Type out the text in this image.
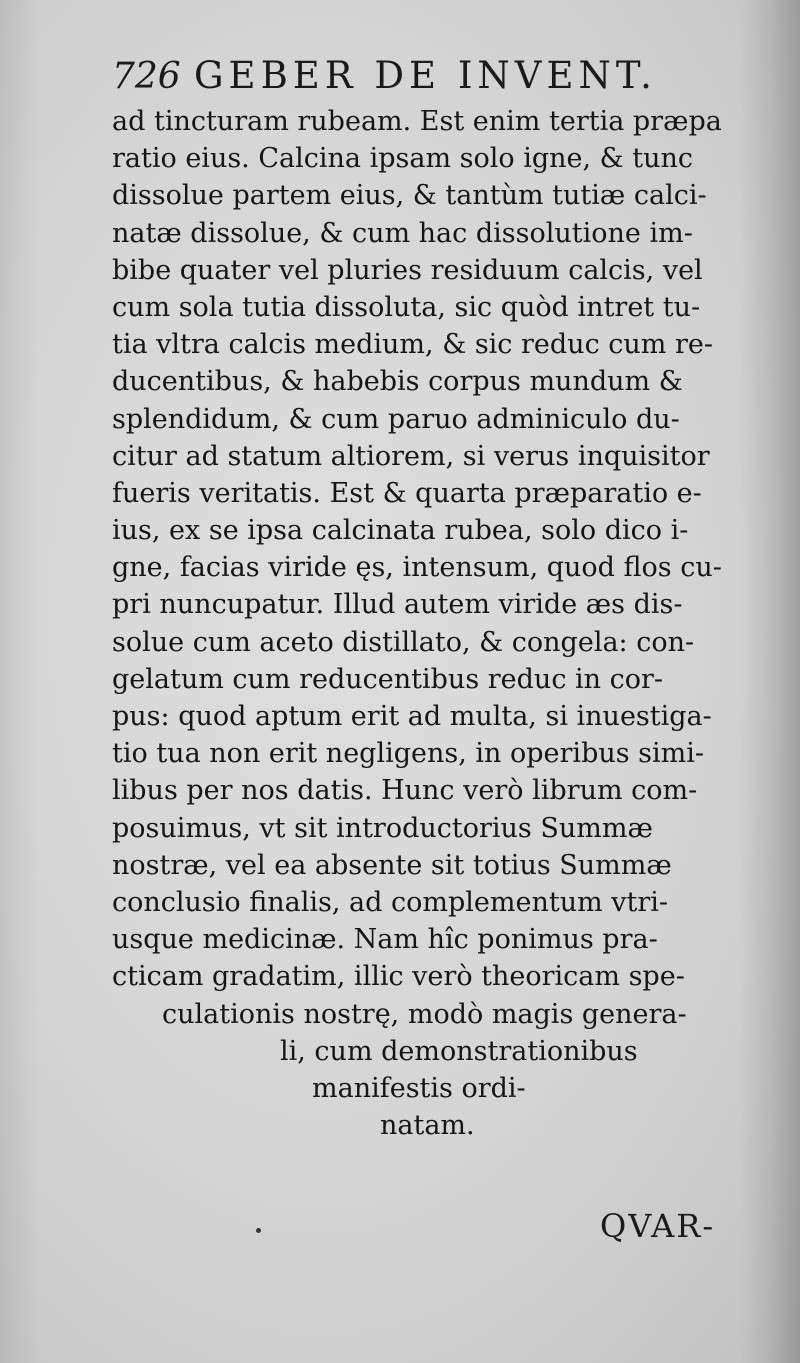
726 GEBER DE INVENT.
ad tincturam rubeam. Est enim tertia præpa
ratio eius. Calcina ipsam solo igne, & tunc
dissolue partem eius, & tantùm tutiæ calci-
natæ dissolue, & cum hac dissolutione im-
bibe quater vel pluries residuum calcis, vel
cum sola tutia dissoluta, sic quòd intret tu-
tia vltra calcis medium, & sic reduc cum re-
ducentibus, & habebis corpus mundum &
splendidum, & cum paruo adminiculo du-
citur ad statum altiorem, si verus inquisitor
fueris veritatis. Est & quarta præparatio e-
ius, ex se ipsa calcinata rubea, solo dico i-
gne, facias viride ęs, intensum, quod flos cu-
pri nuncupatur. Illud autem viride æs dis-
solue cum aceto distillato, & congela: con-
gelatum cum reducentibus reduc in cor-
pus: quod aptum erit ad multa, si inuestiga-
tio tua non erit negligens, in operibus simi-
libus per nos datis. Hunc verò librum com-
posuimus, vt sit introductorius Summæ
nostræ, vel ea absente sit totius Summæ
conclusio finalis, ad complementum vtri-
usque medicinæ. Nam hîc ponimus pra-
cticam gradatim, illic verò theoricam spe-
culationis nostrę, modò magis genera-
li, cum demonstrationibus
manifestis ordi-
natam.
QVAR-
